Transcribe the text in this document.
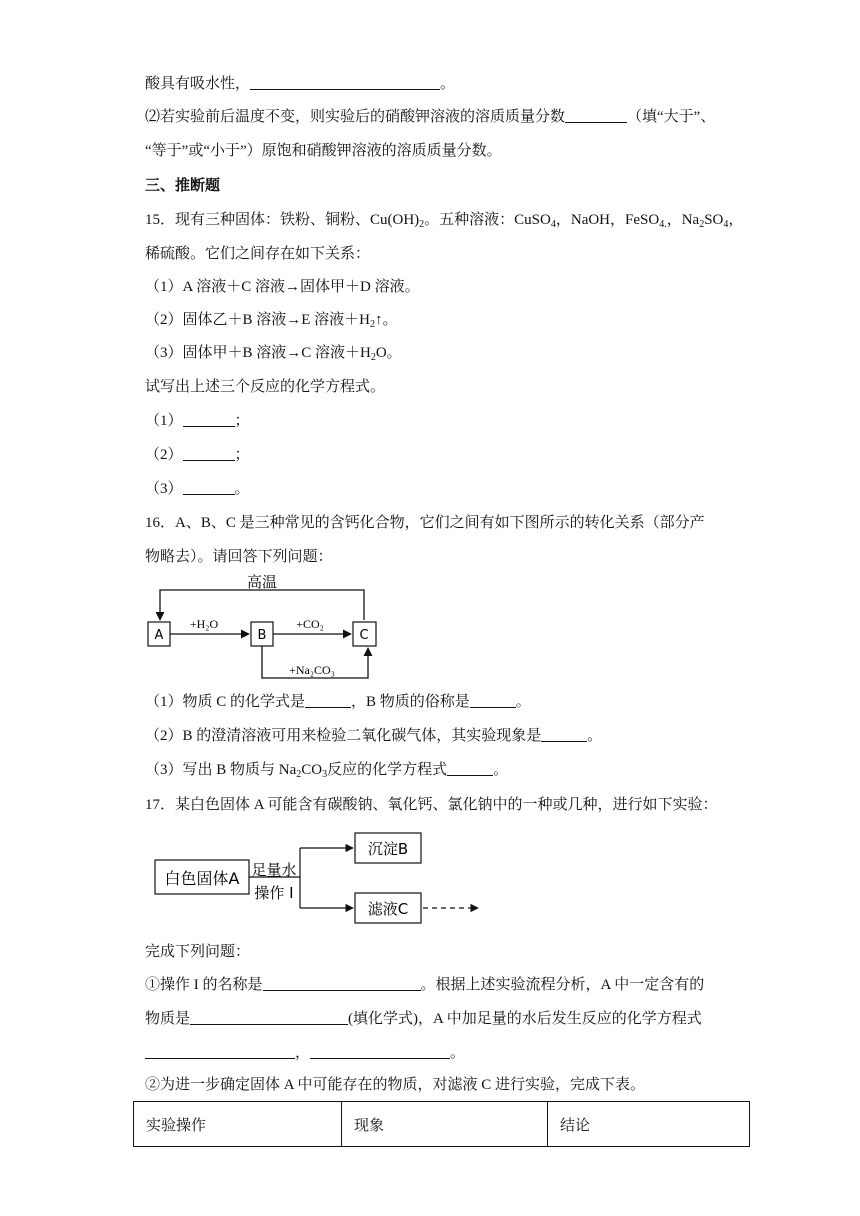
酸具有吸水性，	。
⑵若实验前后温度不变，则实验后的硝酸钾溶液的溶质质量分数	（填“大于”、
“等于”或“小于”）原饱和硝酸钾溶液的溶质质量分数。
三、推断题
15．现有三种固体：铁粉、铜粉、$Cu(OH)_2$。五种溶液：CuSO$_4$，NaOH，FeSO$_{4.}$，$Na_2SO_4$，
稀硫酸。它们之间存在如下关系：
（1）A 溶液＋C 溶液→固体甲＋D 溶液。
（2）固体乙＋B 溶液→E 溶液$+H_2↑$。
（3）固体甲＋B 溶液→C 溶液$+H_2O$。
试写出上述三个反应的化学方程式。
（1）	；
（2）	；
（3）	。
16．A、B、C 是三种常见的含钙化合物，它们之间有如下图所示的转化关系（部分产
物略去）。请回答下列问题：
高温
A	B	C
+H₂O	+CO₂
+Na₂CO₃
（1）物质 C 的化学式是	，B 物质的俗称是	。
（2）B 的澄清溶液可用来检验二氧化碳气体，其实验现象是	。
（3）写出 B 物质与 $Na_2CO_3$反应的化学方程式	。
17．某白色固体 A 可能含有碳酸钠、氧化钙、氯化钠中的一种或几种，进行如下实验：
白色固体A 足量水
操作 I
沉淀B
滤液C
完成下列问题：
①操作 I 的名称是	。根据上述实验流程分析，A 中一定含有的
物质是	(填化学式)，A 中加足量的水后发生反应的化学方程式
，	。
②为进一步确定固体 A 中可能存在的物质，对滤液 C 进行实验，完成下表。
实验操作	现象	结论
